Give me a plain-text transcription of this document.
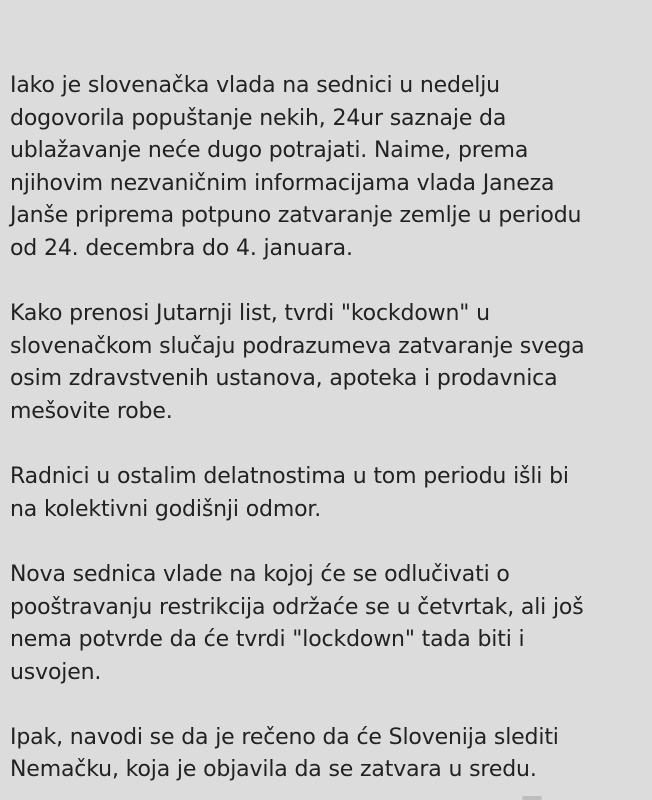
Iako je slovenačka vlada na sednici u nedelju
dogovorila popuštanje nekih, 24ur saznaje da
ublažavanje neće dugo potrajati. Naime, prema
njihovim nezvaničnim informacijama vlada Janeza
Janše priprema potpuno zatvaranje zemlje u periodu
od 24. decembra do 4. januara.

Kako prenosi Jutarnji list, tvrdi "kockdown" u
slovenačkom slučaju podrazumeva zatvaranje svega
osim zdravstvenih ustanova, apoteka i prodavnica
mešovite robe.

Radnici u ostalim delatnostima u tom periodu išli bi
na kolektivni godišnji odmor.

Nova sednica vlade na kojoj će se odlučivati o
pooštravanju restrikcija održaće se u četvrtak, ali još
nema potvrde da će tvrdi "lockdown" tada biti i
usvojen.

Ipak, navodi se da je rečeno da će Slovenija slediti
Nemačku, koja je objavila da se zatvara u sredu.
